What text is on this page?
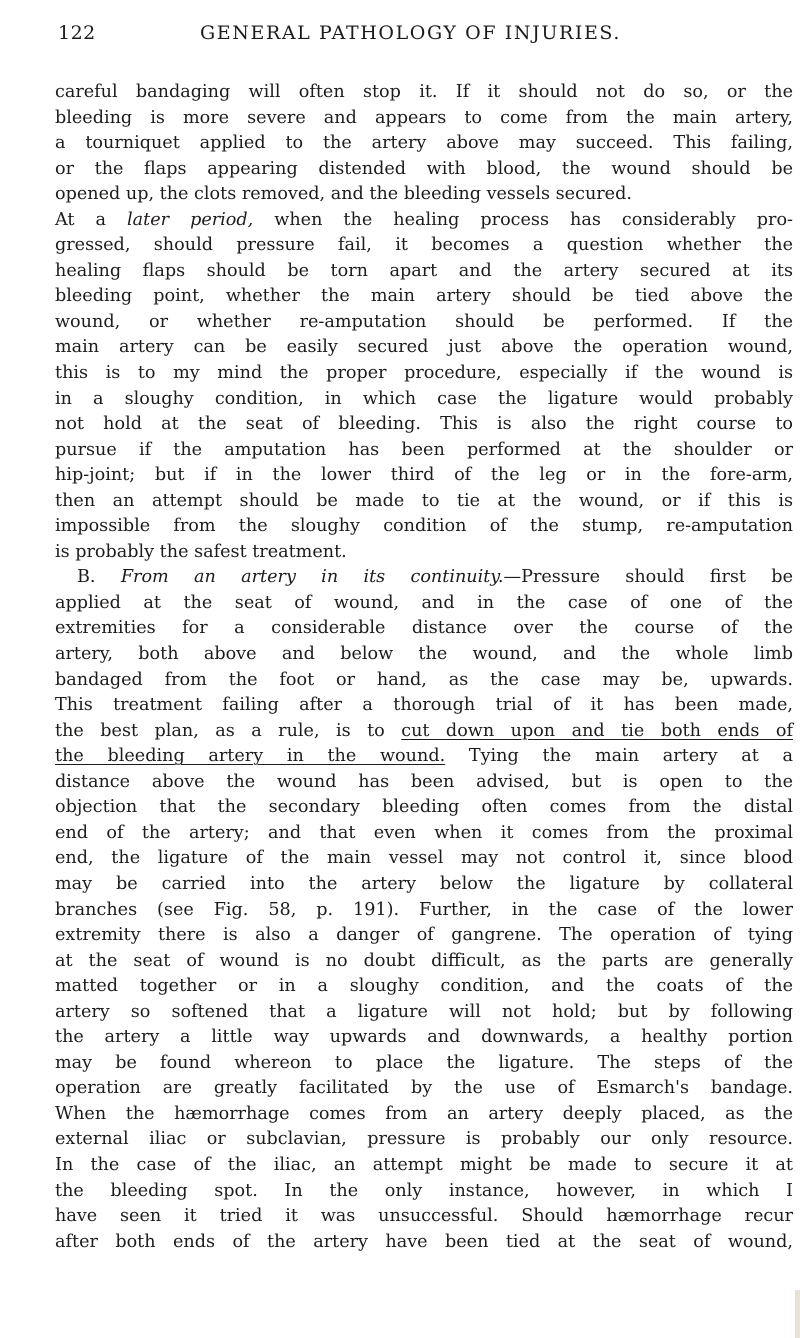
122	GENERAL PATHOLOGY OF INJURIES.
careful bandaging will often stop it. If it should not do so, or the
bleeding is more severe and appears to come from the main artery,
a tourniquet applied to the artery above may succeed. This failing,
or the flaps appearing distended with blood, the wound should be
opened up, the clots removed, and the bleeding vessels secured.
At a later period, when the healing process has considerably pro-
gressed, should pressure fail, it becomes a question whether the
healing flaps should be torn apart and the artery secured at its
bleeding point, whether the main artery should be tied above the
wound, or whether re-amputation should be performed. If the
main artery can be easily secured just above the operation wound,
this is to my mind the proper procedure, especially if the wound is
in a sloughy condition, in which case the ligature would probably
not hold at the seat of bleeding. This is also the right course to
pursue if the amputation has been performed at the shoulder or
hip-joint; but if in the lower third of the leg or in the fore-arm,
then an attempt should be made to tie at the wound, or if this is
impossible from the sloughy condition of the stump, re-amputation
is probably the safest treatment.
B. From an artery in its continuity.—Pressure should first be
applied at the seat of wound, and in the case of one of the
extremities for a considerable distance over the course of the
artery, both above and below the wound, and the whole limb
bandaged from the foot or hand, as the case may be, upwards.
This treatment failing after a thorough trial of it has been made,
the best plan, as a rule, is to cut down upon and tie both ends of
the bleeding artery in the wound. Tying the main artery at a
distance above the wound has been advised, but is open to the
objection that the secondary bleeding often comes from the distal
end of the artery; and that even when it comes from the proximal
end, the ligature of the main vessel may not control it, since blood
may be carried into the artery below the ligature by collateral
branches (see Fig. 58, p. 191). Further, in the case of the lower
extremity there is also a danger of gangrene. The operation of tying
at the seat of wound is no doubt difficult, as the parts are generally
matted together or in a sloughy condition, and the coats of the
artery so softened that a ligature will not hold; but by following
the artery a little way upwards and downwards, a healthy portion
may be found whereon to place the ligature. The steps of the
operation are greatly facilitated by the use of Esmarch's bandage.
When the hæmorrhage comes from an artery deeply placed, as the
external iliac or subclavian, pressure is probably our only resource.
In the case of the iliac, an attempt might be made to secure it at
the bleeding spot. In the only instance, however, in which I
have seen it tried it was unsuccessful. Should hæmorrhage recur
after both ends of the artery have been tied at the seat of wound,
